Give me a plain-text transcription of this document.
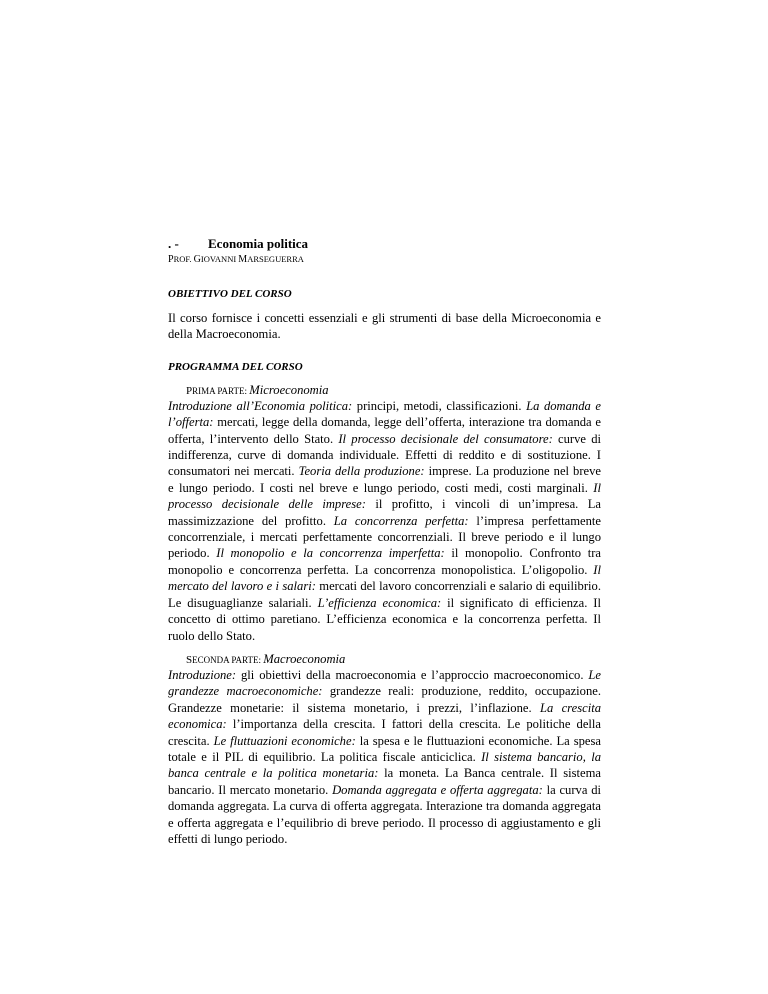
. - Economia politica
PROF. GIOVANNI MARSEGUERRA
OBIETTIVO DEL CORSO

Il corso fornisce i concetti essenziali e gli strumenti di base della Microeconomia e della Macroeconomia.

PROGRAMMA DEL CORSO
PRIMA PARTE: Microeconomia

Introduzione all’Economia politica: principi, metodi, classificazioni. La domanda e l’offerta: mercati, legge della domanda, legge dell’offerta, interazione tra domanda e offerta, l’intervento dello Stato. Il processo decisionale del consumatore: curve di indifferenza, curve di domanda individuale. Effetti di reddito e di sostituzione. I consumatori nei mercati. Teoria della produzione: imprese. La produzione nel breve e lungo periodo. I costi nel breve e lungo periodo, costi medi, costi marginali. Il processo decisionale delle imprese: il profitto, i vincoli di un’impresa. La massimizzazione del profitto. La concorrenza perfetta: l’impresa perfettamente concorrenziale, i mercati perfettamente concorrenziali. Il breve periodo e il lungo periodo. Il monopolio e la concorrenza imperfetta: il monopolio. Confronto tra monopolio e concorrenza perfetta. La concorrenza monopolistica. L’oligopolio. Il mercato del lavoro e i salari: mercati del lavoro concorrenziali e salario di equilibrio. Le disuguaglianze salariali. L’efficienza economica: il significato di efficienza. Il concetto di ottimo paretiano. L’efficienza economica e la concorrenza perfetta. Il ruolo dello Stato.

SECONDA PARTE: Macroeconomia

Introduzione: gli obiettivi della macroeconomia e l’approccio macroeconomico. Le grandezze macroeconomiche: grandezze reali: produzione, reddito, occupazione. Grandezze monetarie: il sistema monetario, i prezzi, l’inflazione. La crescita economica: l’importanza della crescita. I fattori della crescita. Le politiche della crescita. Le fluttuazioni economiche: la spesa e le fluttuazioni economiche. La spesa totale e il PIL di equilibrio. La politica fiscale anticiclica. Il sistema bancario, la banca centrale e la politica monetaria: la moneta. La Banca centrale. Il sistema bancario. Il mercato monetario. Domanda aggregata e offerta aggregata: la curva di domanda aggregata. La curva di offerta aggregata. Interazione tra domanda aggregata e offerta aggregata e l’equilibrio di breve periodo. Il processo di aggiustamento e gli effetti di lungo periodo.
